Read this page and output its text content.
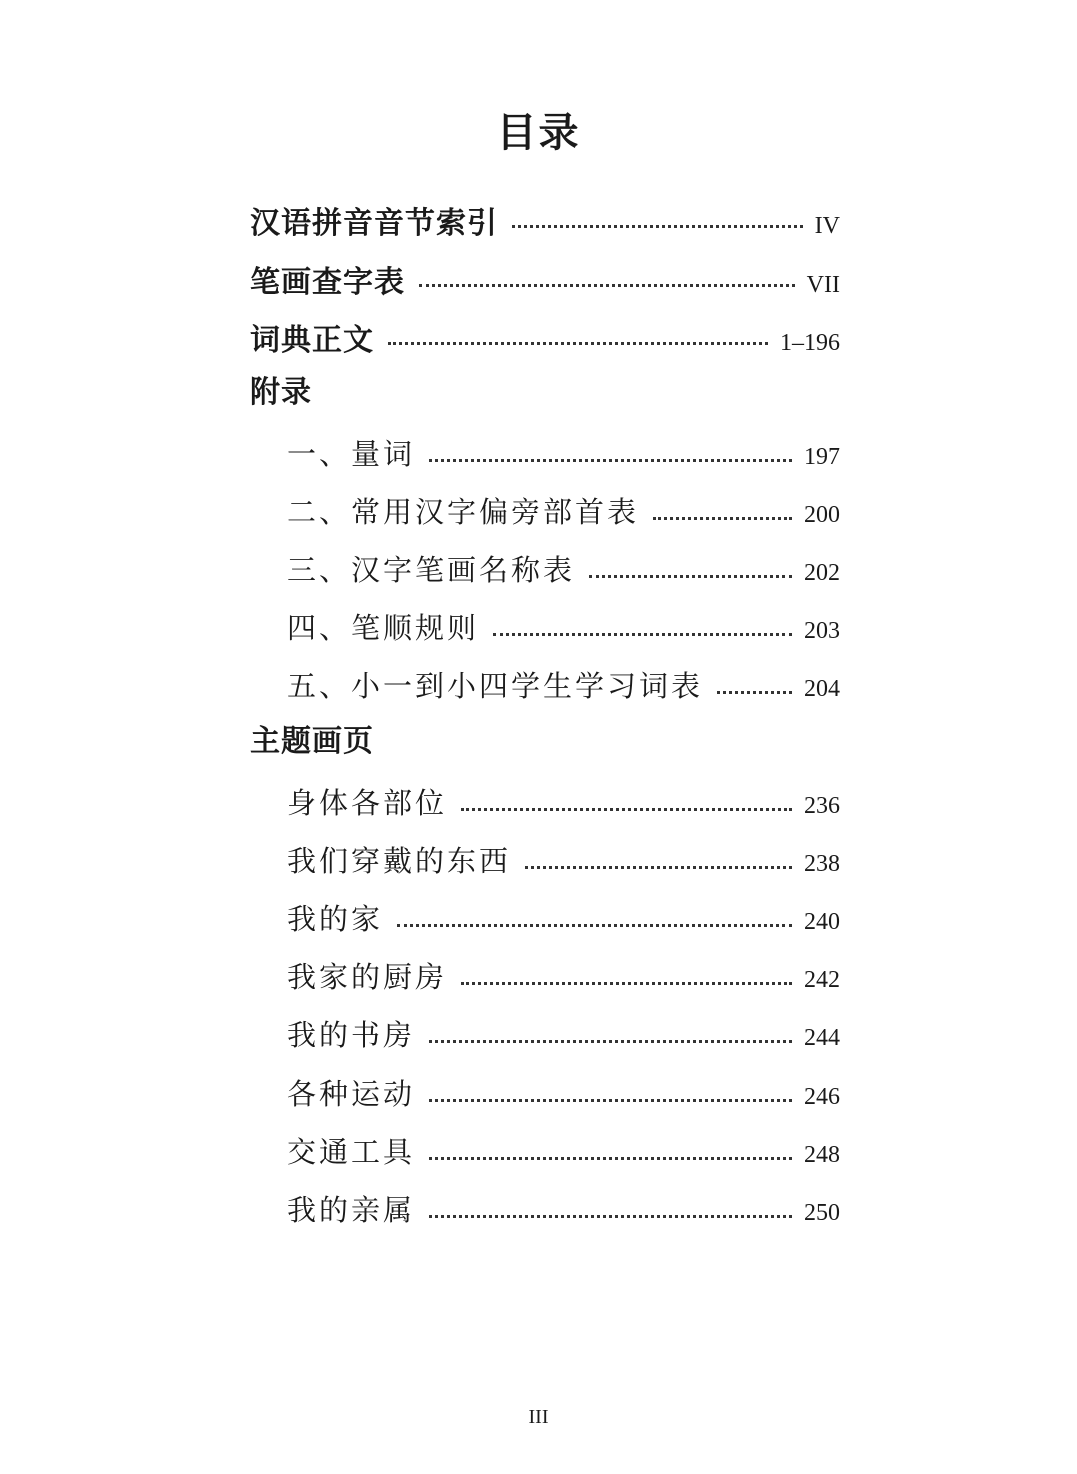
目录
汉语拼音音节索引	IV
笔画查字表	VII
词典正文	1–196
附录
一、量词	197
二、常用汉字偏旁部首表	200
三、汉字笔画名称表	202
四、笔顺规则	203
五、小一到小四学生学习词表	204
主题画页
身体各部位	236
我们穿戴的东西	238
我的家	240
我家的厨房	242
我的书房	244
各种运动	246
交通工具	248
我的亲属	250
III
